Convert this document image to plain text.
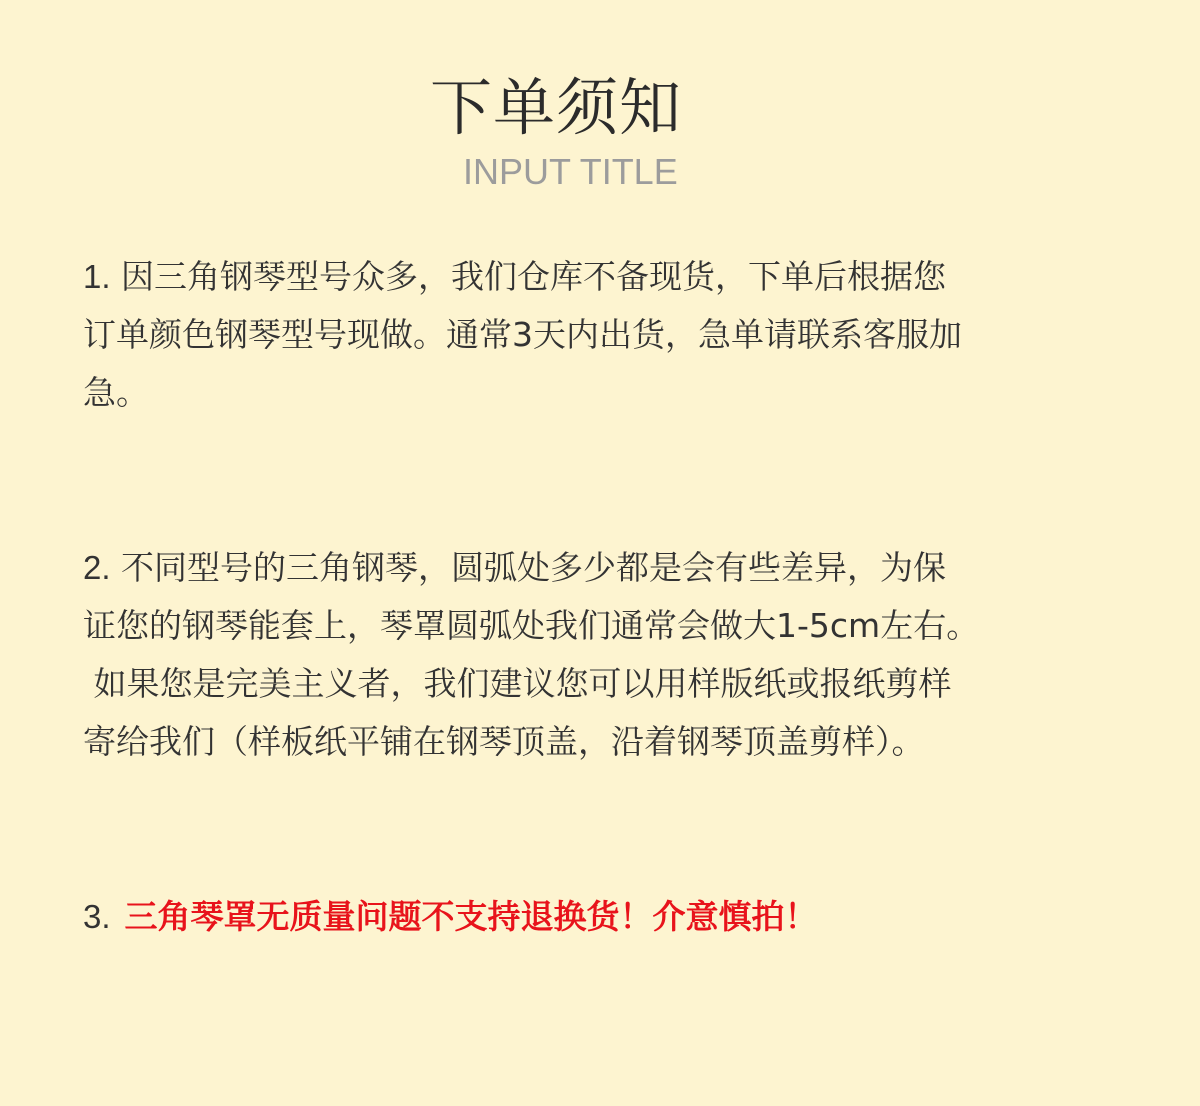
下单须知
INPUT TITLE
1. 因三角钢琴型号众多，我们仓库不备现货，下单后根据您
订单颜色钢琴型号现做。通常3天内出货，急单请联系客服加
急。
2. 不同型号的三角钢琴，圆弧处多少都是会有些差异，为保
证您的钢琴能套上，琴罩圆弧处我们通常会做大1-5cm左右。
如果您是完美主义者，我们建议您可以用样版纸或报纸剪样
寄给我们（样板纸平铺在钢琴顶盖，沿着钢琴顶盖剪样）。
3. 三角琴罩无质量问题不支持退换货！介意慎拍！
